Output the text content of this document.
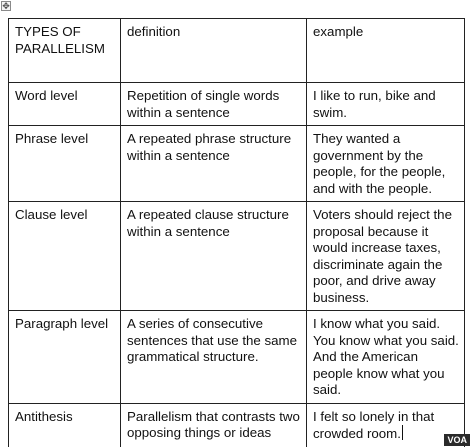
✥
TYPES OF PARALLELISM	definition	example
Word level	Repetition of single words within a sentence	I like to run, bike and swim.
Phrase level	A repeated phrase structure within a sentence	They wanted a government by the people, for the people, and with the people.
Clause level	A repeated clause structure within a sentence	Voters should reject the proposal because it would increase taxes, discriminate again the poor, and drive away business.
Paragraph level	A series of consecutive sentences that use the same grammatical structure.	I know what you said. You know what you said. And the American people know what you said.
Antithesis	Parallelism that contrasts two opposing things or ideas	I felt so lonely in that crowded room.	VOA
